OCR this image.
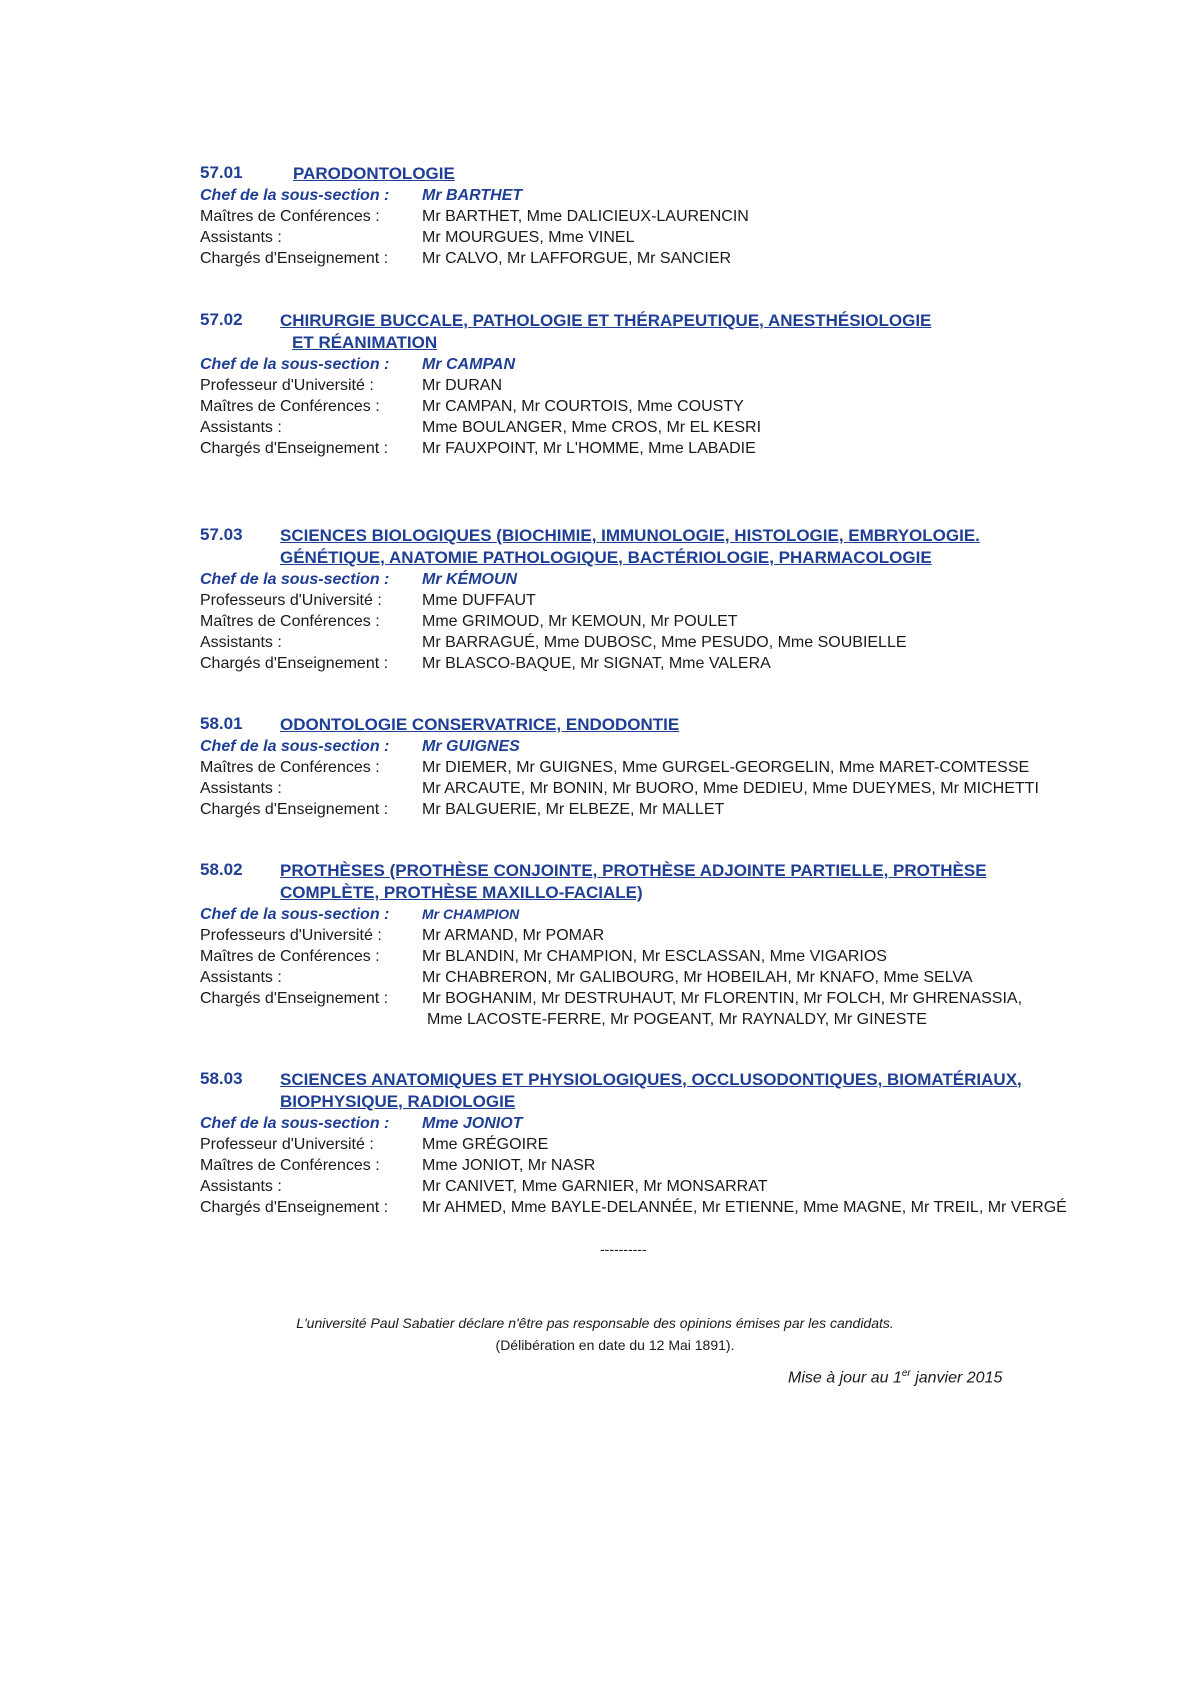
57.01	PARODONTOLOGIE
Chef de la sous-section : Mr BARTHET
Maîtres de Conférences :	Mr BARTHET, Mme DALICIEUX-LAURENCIN
Assistants :	Mr MOURGUES, Mme VINEL
Chargés d'Enseignement : Mr CALVO, Mr LAFFORGUE, Mr SANCIER
57.02 CHIRURGIE BUCCALE, PATHOLOGIE ET THÉRAPEUTIQUE, ANESTHÉSIOLOGIE
ET RÉANIMATION
Chef de la sous-section : Mr CAMPAN
Professeur d'Université :	Mr DURAN
Maîtres de Conférences :	Mr CAMPAN, Mr COURTOIS, Mme COUSTY
Assistants :	Mme BOULANGER, Mme CROS, Mr EL KESRI
Chargés d'Enseignement : Mr FAUXPOINT, Mr L'HOMME, Mme LABADIE
57.03 SCIENCES BIOLOGIQUES (BIOCHIMIE, IMMUNOLOGIE, HISTOLOGIE, EMBRYOLOGIE.
GÉNÉTIQUE, ANATOMIE PATHOLOGIQUE, BACTÉRIOLOGIE, PHARMACOLOGIE
Chef de la sous-section : Mr KÉMOUN
Professeurs d'Université :	Mme DUFFAUT
Maîtres de Conférences :	Mme GRIMOUD, Mr KEMOUN, Mr POULET
Assistants :	Mr BARRAGUÉ, Mme DUBOSC, Mme PESUDO, Mme SOUBIELLE
Chargés d'Enseignement : Mr BLASCO-BAQUE, Mr SIGNAT, Mme VALERA
58.01 ODONTOLOGIE CONSERVATRICE, ENDODONTIE
Chef de la sous-section : Mr GUIGNES
Maîtres de Conférences :	Mr DIEMER, Mr GUIGNES, Mme GURGEL-GEORGELIN, Mme MARET-COMTESSE
Assistants :	Mr ARCAUTE, Mr BONIN, Mr BUORO, Mme DEDIEU, Mme DUEYMES, Mr MICHETTI
Chargés d'Enseignement : Mr BALGUERIE, Mr ELBEZE, Mr MALLET
58.02 PROTHÈSES (PROTHÈSE CONJOINTE, PROTHÈSE ADJOINTE PARTIELLE, PROTHÈSE
COMPLÈTE, PROTHÈSE MAXILLO-FACIALE)
Chef de la sous-section : Mr CHAMPION
Professeurs d'Université :	Mr ARMAND, Mr POMAR
Maîtres de Conférences :	Mr BLANDIN, Mr CHAMPION, Mr ESCLASSAN, Mme VIGARIOS
Assistants :	Mr CHABRERON, Mr GALIBOURG, Mr HOBEILAH, Mr KNAFO, Mme SELVA
Chargés d'Enseignement : Mr BOGHANIM, Mr DESTRUHAUT, Mr FLORENTIN, Mr FOLCH, Mr GHRENASSIA,
Mme LACOSTE-FERRE, Mr POGEANT, Mr RAYNALDY, Mr GINESTE
58.03 SCIENCES ANATOMIQUES ET PHYSIOLOGIQUES, OCCLUSODONTIQUES, BIOMATÉRIAUX,
BIOPHYSIQUE, RADIOLOGIE
Chef de la sous-section : Mme JONIOT
Professeur d'Université :	Mme GRÉGOIRE
Maîtres de Conférences :	Mme JONIOT, Mr NASR
Assistants :	Mr CANIVET, Mme GARNIER, Mr MONSARRAT
Chargés d'Enseignement : Mr AHMED, Mme BAYLE-DELANNÉE, Mr ETIENNE, Mme MAGNE, Mr TREIL, Mr VERGÉ
----------
L'université Paul Sabatier déclare n'être pas responsable des opinions émises par les candidats.
(Délibération en date du 12 Mai 1891).
Mise à jour au 1er janvier 2015
